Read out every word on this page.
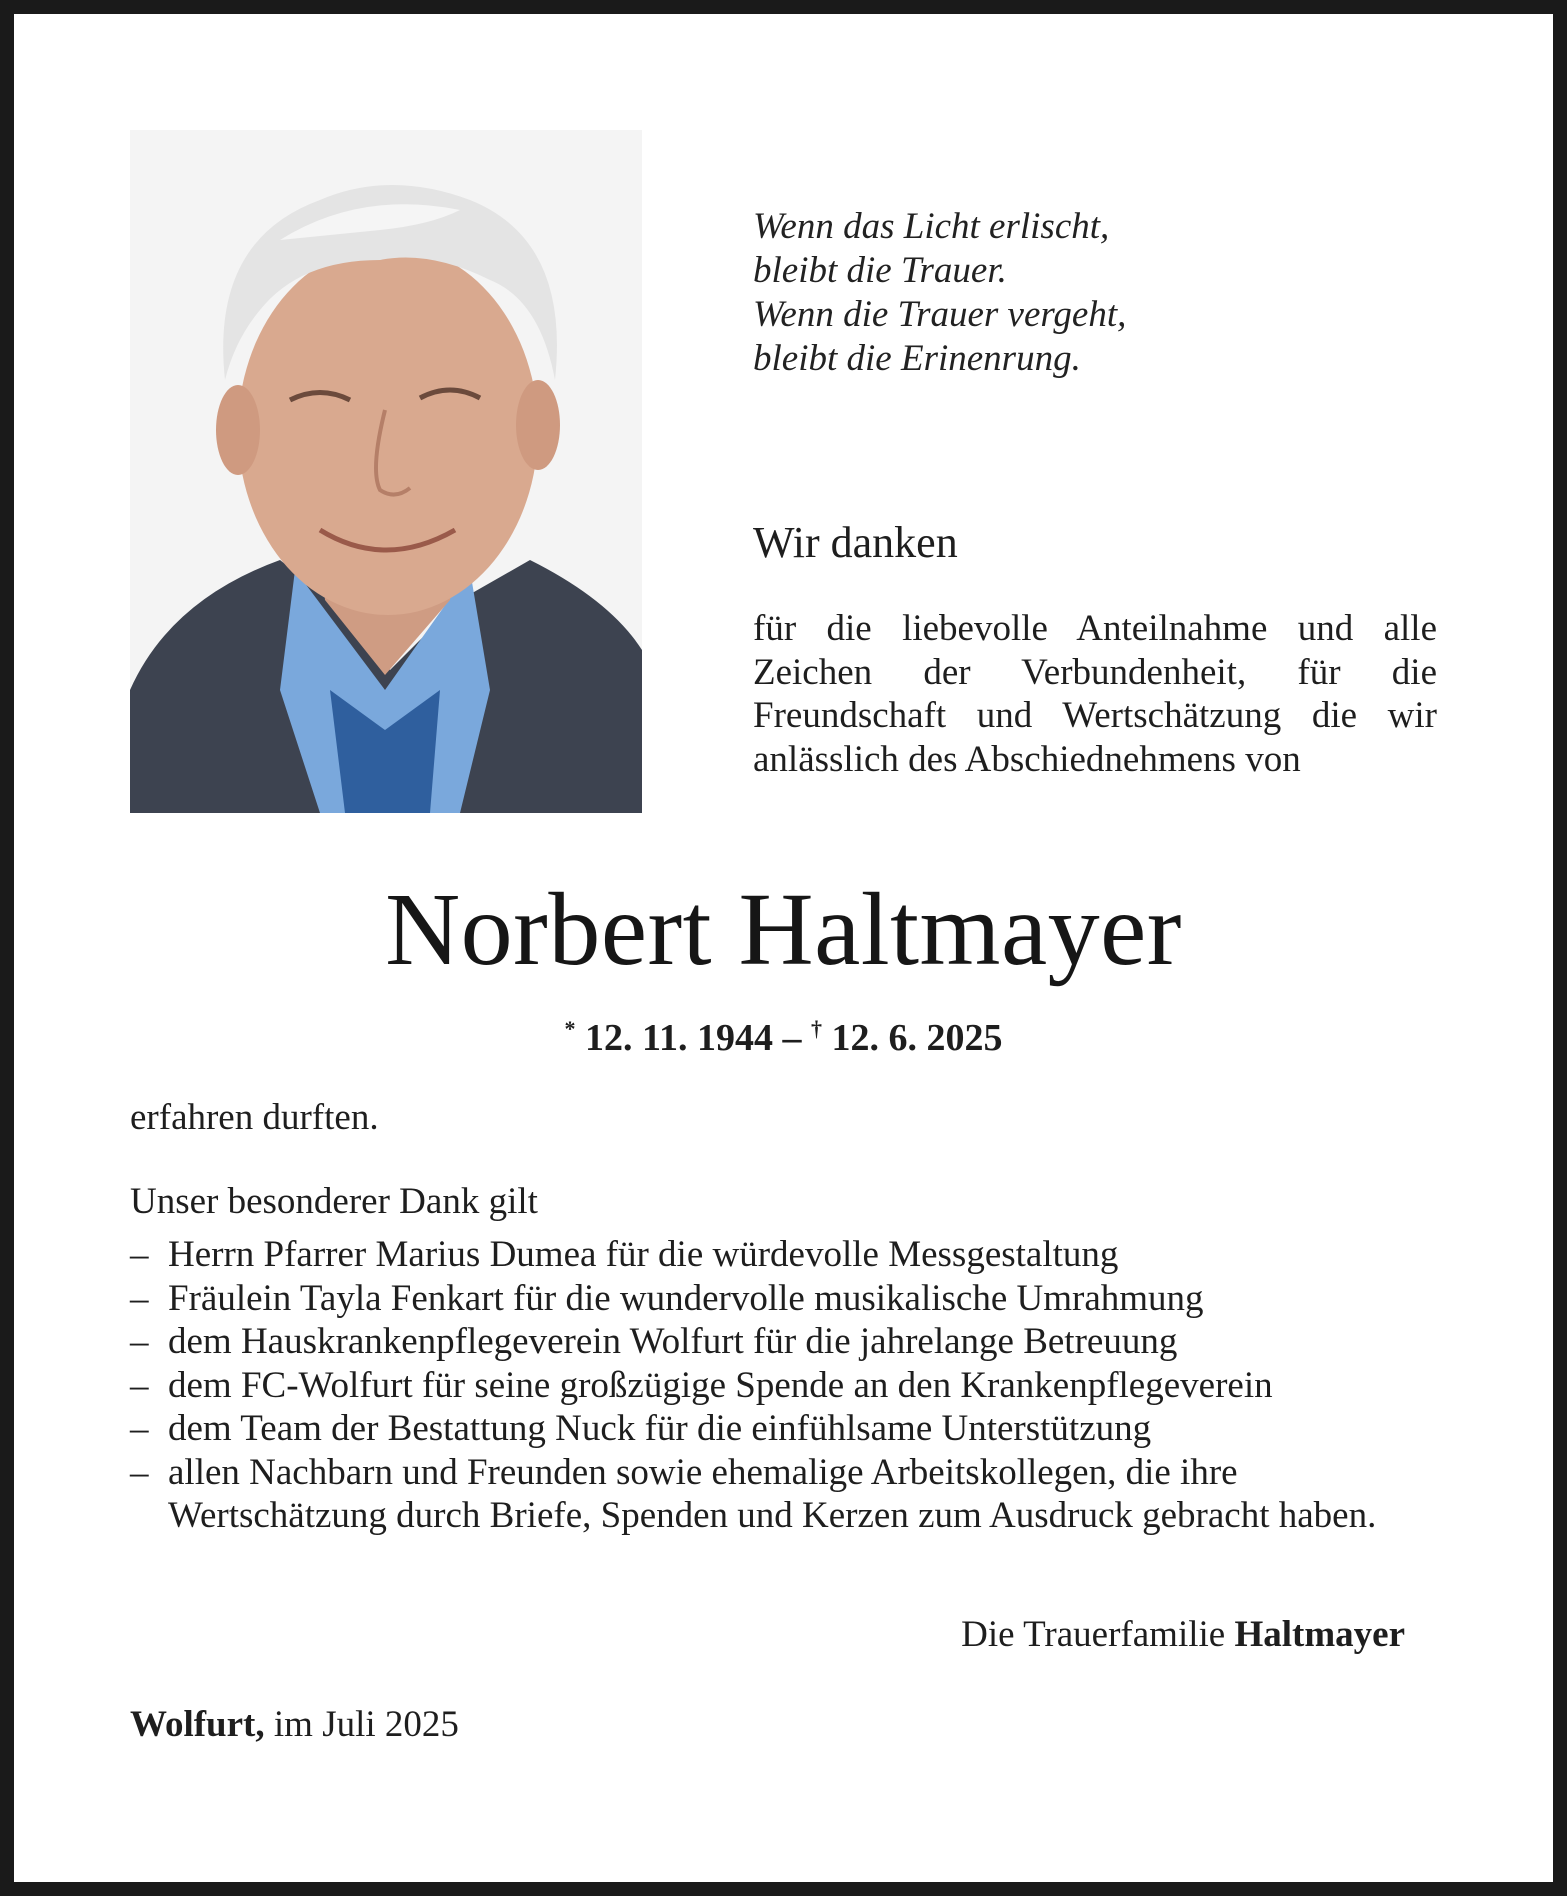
Wenn das Licht erlischt,
bleibt die Trauer.
Wenn die Trauer vergeht,
bleibt die Erinenrung.
Wir danken
für die liebevolle Anteilnahme und alle Zeichen der Verbundenheit, für die Freundschaft und Wertschätzung die wir anlässlich des Abschiednehmens von
Norbert Haltmayer
* 12. 11. 1944 – † 12. 6. 2025
erfahren durften.
Unser besonderer Dank gilt
– Herrn Pfarrer Marius Dumea für die würdevolle Messgestaltung
– Fräulein Tayla Fenkart für die wundervolle musikalische Umrahmung
– dem Hauskrankenpflegeverein Wolfurt für die jahrelange Betreuung
– dem FC-Wolfurt für seine großzügige Spende an den Krankenpflegeverein
– dem Team der Bestattung Nuck für die einfühlsame Unterstützung
– allen Nachbarn und Freunden sowie ehemalige Arbeitskollegen, die ihre Wertschätzung durch Briefe, Spenden und Kerzen zum Ausdruck gebracht haben.
Die Trauerfamilie Haltmayer
Wolfurt, im Juli 2025
